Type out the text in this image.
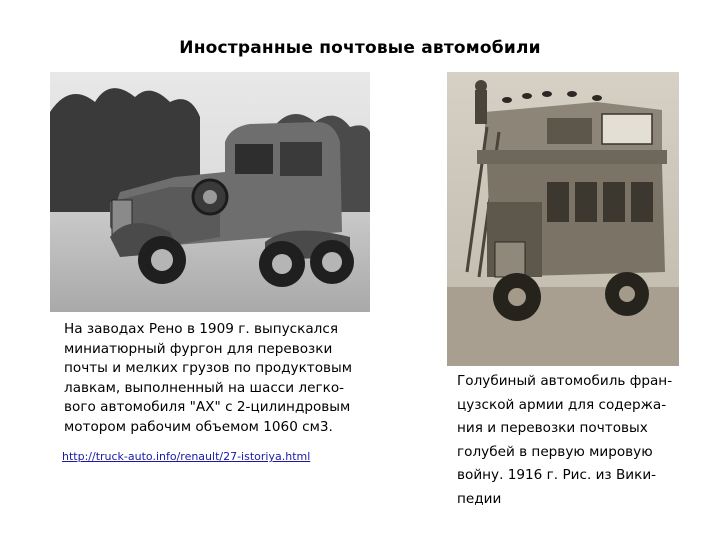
Иностранные почтовые автомобили
На заводах Рено в 1909 г. выпускался
миниатюрный фургон для перевозки
почты и мелких грузов по продуктовым
лавкам, выполненный на шасси легко-
вого автомобиля "АХ" с 2-цилиндровым
мотором рабочим объемом 1060 см3.
http://truck-auto.info/renault/27-istoriya.html
Голубиный автомобиль фран-
цузской армии для содержа-
ния и перевозки почтовых
голубей в первую мировую
войну. 1916 г. Рис. из Вики-
педии
